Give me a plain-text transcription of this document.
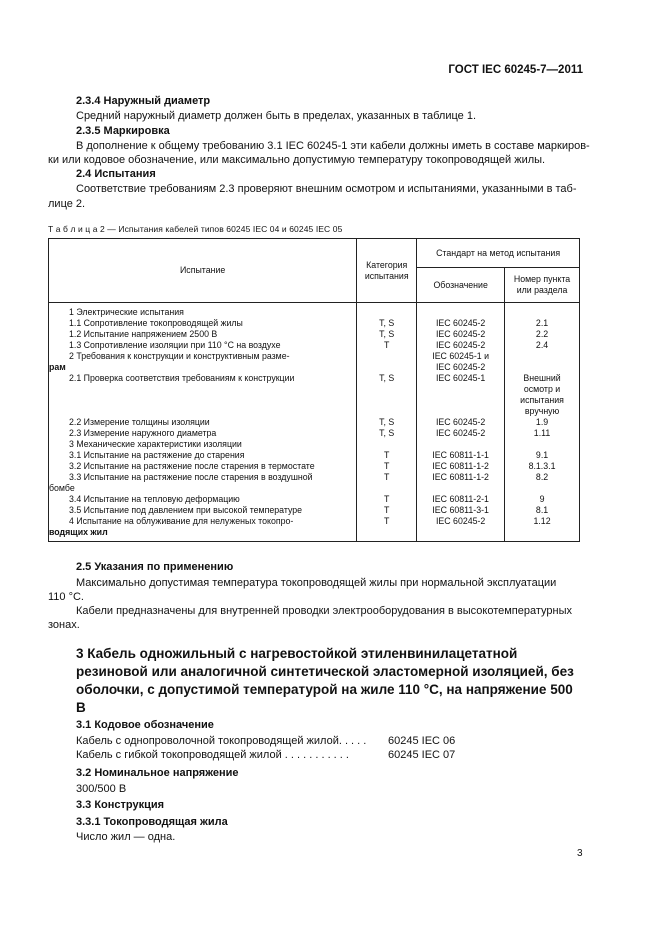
ГОСТ IEC 60245-7—2011
2.3.4 Наружный диаметр
Средний наружный диаметр должен быть в пределах, указанных в таблице 1.
2.3.5 Маркировка
В дополнение к общему требованию 3.1 IEC 60245-1 эти кабели должны иметь в составе маркиров-
ки или кодовое обозначение, или максимально допустимую температуру токопроводящей жилы.
2.4 Испытания
Соответствие требованиям 2.3 проверяют внешним осмотром и испытаниями, указанными в таб-
лице 2.
Т а б л и ц а 2 — Испытания кабелей типов 60245 IEC 04 и 60245 IEC 05
Испытание	Категория испытания	Стандарт на метод испытания	
		Обозначение	Номер пункта или раздела
1 Электрические испытания			
1.1 Сопротивление токопроводящей жилы	T, S	IEC 60245-2	2.1
1.2 Испытание напряжением 2500 В	T, S	IEC 60245-2	2.2
1.3 Сопротивление изоляции при 110 °С на воздухе	T	IEC 60245-2	2.4
2 Требования к конструкции и конструктивным разме-		IEC 60245-1 и	
рам		IEC 60245-2	
2.1 Проверка соответствия требованиям к конструкции	T, S	IEC 60245-1	Внешний
			осмотр и
			испытания
			вручную
2.2 Измерение толщины изоляции	T, S	IEC 60245-2	1.9
2.3 Измерение наружного диаметра	T, S	IEC 60245-2	1.11
3 Механические характеристики изоляции			
3.1 Испытание на растяжение до старения	T	IEC 60811-1-1	9.1
3.2 Испытание на растяжение после старения в термостате	T	IEC 60811-1-2	8.1.3.1
3.3 Испытание на растяжение после старения в воздушной	T	IEC 60811-1-2	8.2
бомбе			
3.4 Испытание на тепловую деформацию	T	IEC 60811-2-1	9
3.5 Испытание под давлением при высокой температуре	T	IEC 60811-3-1	8.1
4 Испытание на облуживание для нелуженых токопро-	T	IEC 60245-2	1.12
водящих жил			
2.5 Указания по применению
Максимально допустимая температура токопроводящей жилы при нормальной эксплуатации
110 °С.
Кабели предназначены для внутренней проводки электрооборудования в высокотемпературных
зонах.
3 Кабель одножильный с нагревостойкой этиленвинилацетатной резиновой или аналогичной синтетической эластомерной изоляцией, без оболочки, с допустимой температурой на жиле 110 °С, на напряжение 500 В
3.1 Кодовое обозначение
Кабель с однопроволочной токопроводящей жилой. . . . . 60245 IEC 06
Кабель с гибкой токопроводящей жилой . . . . . . . . . . .	60245 IEC 07
3.2 Номинальное напряжение
300/500 В
3.3 Конструкция
3.3.1 Токопроводящая жила
Число жил — одна.
3
